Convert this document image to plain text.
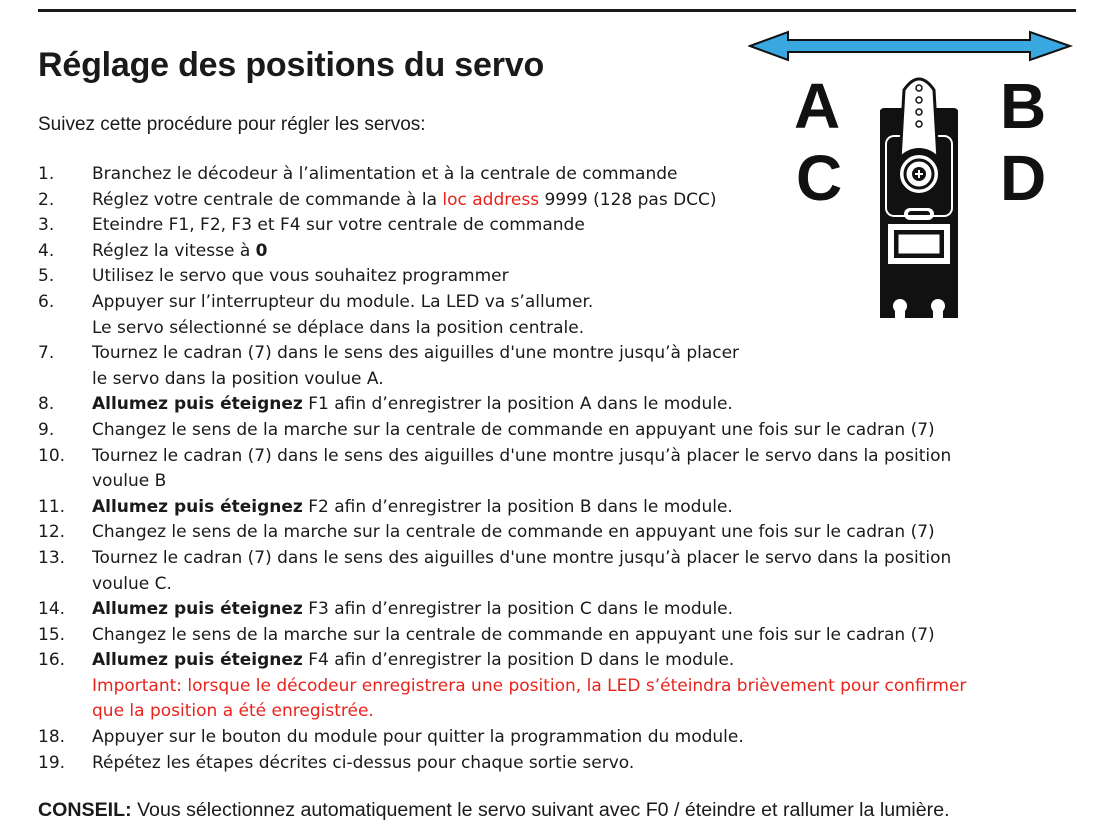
Réglage des positions du servo

Suivez cette procédure pour régler les servos:	A B
C D
1. Branchez le décodeur à l’alimentation et à la centrale de commande
2. Réglez votre centrale de commande à la loc address 9999 (128 pas DCC)
3. Eteindre F1, F2, F3 et F4 sur votre centrale de commande
4. Réglez la vitesse à 0
5. Utilisez le servo que vous souhaitez programmer
6. Appuyer sur l’interrupteur du module. La LED va s’allumer.
Le servo sélectionné se déplace dans la position centrale.
7. Tournez le cadran (7) dans le sens des aiguilles d'une montre jusqu’à placer
le servo dans la position voulue A.
8. Allumez puis éteignez F1 afin d’enregistrer la position A dans le module.
9. Changez le sens de la marche sur la centrale de commande en appuyant une fois sur le cadran (7)
10. Tournez le cadran (7) dans le sens des aiguilles d'une montre jusqu’à placer le servo dans la position
voulue B
11. Allumez puis éteignez F2 afin d’enregistrer la position B dans le module.
12. Changez le sens de la marche sur la centrale de commande en appuyant une fois sur le cadran (7)
13. Tournez le cadran (7) dans le sens des aiguilles d'une montre jusqu’à placer le servo dans la position
voulue C.
14. Allumez puis éteignez F3 afin d’enregistrer la position C dans le module.
15. Changez le sens de la marche sur la centrale de commande en appuyant une fois sur le cadran (7)
16. Allumez puis éteignez F4 afin d’enregistrer la position D dans le module.
Important: lorsque le décodeur enregistrera une position, la LED s’éteindra brièvement pour confirmer
que la position a été enregistrée.
18. Appuyer sur le bouton du module pour quitter la programmation du module.
19. Répétez les étapes décrites ci-dessus pour chaque sortie servo.

CONSEIL: Vous sélectionnez automatiquement le servo suivant avec F0 / éteindre et rallumer la lumière.
